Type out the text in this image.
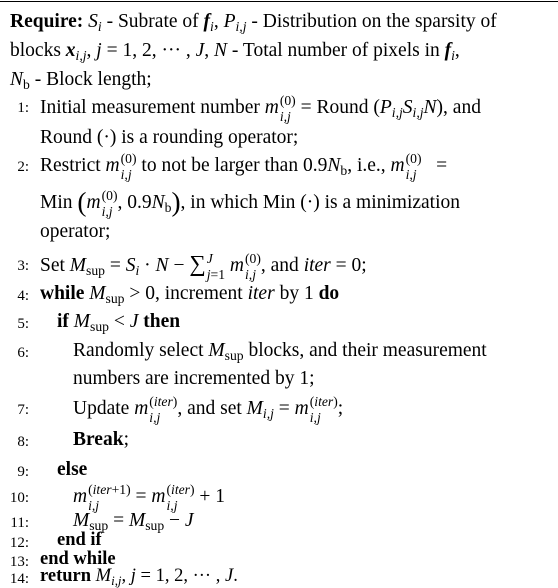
Require: $S_i$ - Subrate of $f_i$, $P_{i,j}$ - Distribution on the sparsity of
blocks $x_{i,j}$, j = 1, 2, ··· , J, N - Total number of pixels in $f_i$,
$N_b$ - Block length;
1: Initial measurement number m (0)
i,j = Round $(P_{i,j}S_{i,j}N)$, and
Round (·) is a rounding operator;
2: Restrict m (0)
i,j to not be larger than $0.9N_b$, i.e., m (0)
i,j =
Min (m (0)
i,j , $0.9N_b$), in which Min (·) is a minimization
operator;
3: Set $M_{sup} = S_i \cdot N$ − ∑ J
j=1 m (0)
i,j , and iter = 0;
4: while $M_{sup} > 0$, increment iter by 1 do
5: if $M_{sup} < J$ then
6: Randomly select $M_{sup}$ blocks, and their measurement
numbers are incremented by 1;
7: Update m (iter)
i,j , and set $M_{i,j} = m$ (iter)
i,j ;
8: Break;
9: else
10: m (iter+1)
i,j	= m (iter)
i,j + 1
11: $M_{sup} = M_{sup} - J$
12: end if
13: end while
14: return $M_{i,j}$, j = 1, 2, ··· , J.
